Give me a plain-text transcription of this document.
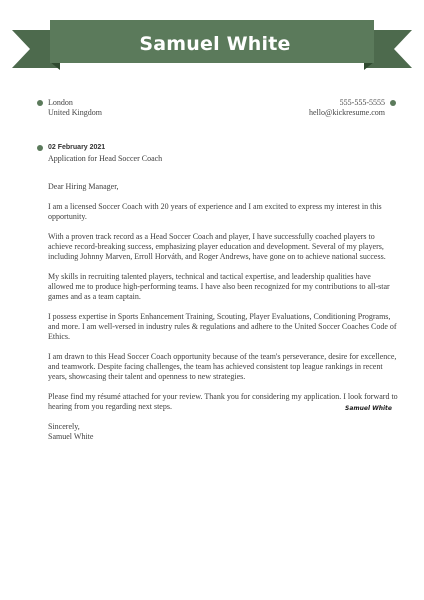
Samuel White
London
United Kingdom
555-555-5555
hello@kickresume.com
02 February 2021
Application for Head Soccer Coach
Dear Hiring Manager,
I am a licensed Soccer Coach with 20 years of experience and I am excited to express my interest in this opportunity.
With a proven track record as a Head Soccer Coach and player, I have successfully coached players to achieve record-breaking success, emphasizing player education and development. Several of my players, including Johnny Marven, Erroll Horváth, and Roger Andrews, have gone on to achieve national success.
My skills in recruiting talented players, technical and tactical expertise, and leadership qualities have allowed me to produce high-performing teams. I have also been recognized for my contributions to all-star games and as a team captain.
I possess expertise in Sports Enhancement Training, Scouting, Player Evaluations, Conditioning Programs, and more. I am well-versed in industry rules & regulations and adhere to the United Soccer Coaches Code of Ethics.
I am drawn to this Head Soccer Coach opportunity because of the team's perseverance, desire for excellence, and teamwork. Despite facing challenges, the team has achieved consistent top league rankings in recent years, showcasing their talent and openness to new strategies.
Please find my résumé attached for your review. Thank you for considering my application. I look forward to hearing from you regarding next steps.
Sincerely,
Samuel White
Samuel White
